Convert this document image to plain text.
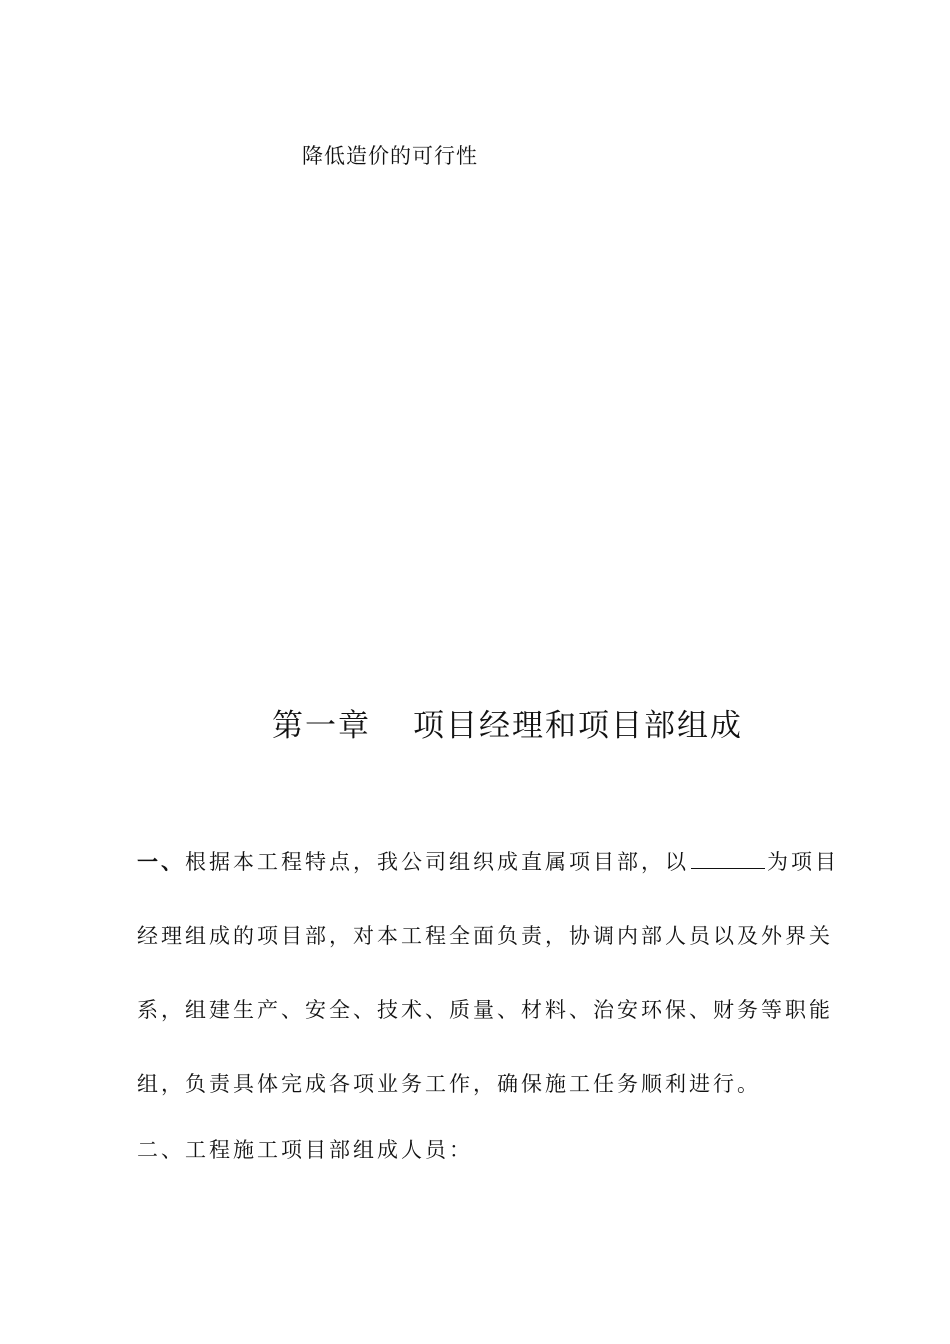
降低造价的可行性
第一章 项目经理和项目部组成
一、根据本工程特点，我公司组织成直属项目部，以	为项目
经理组成的项目部，对本工程全面负责，协调内部人员以及外界关
系，组建生产、安全、技术、质量、材料、治安环保、财务等职能
组，负责具体完成各项业务工作，确保施工任务顺利进行。
二、工程施工项目部组成人员：
